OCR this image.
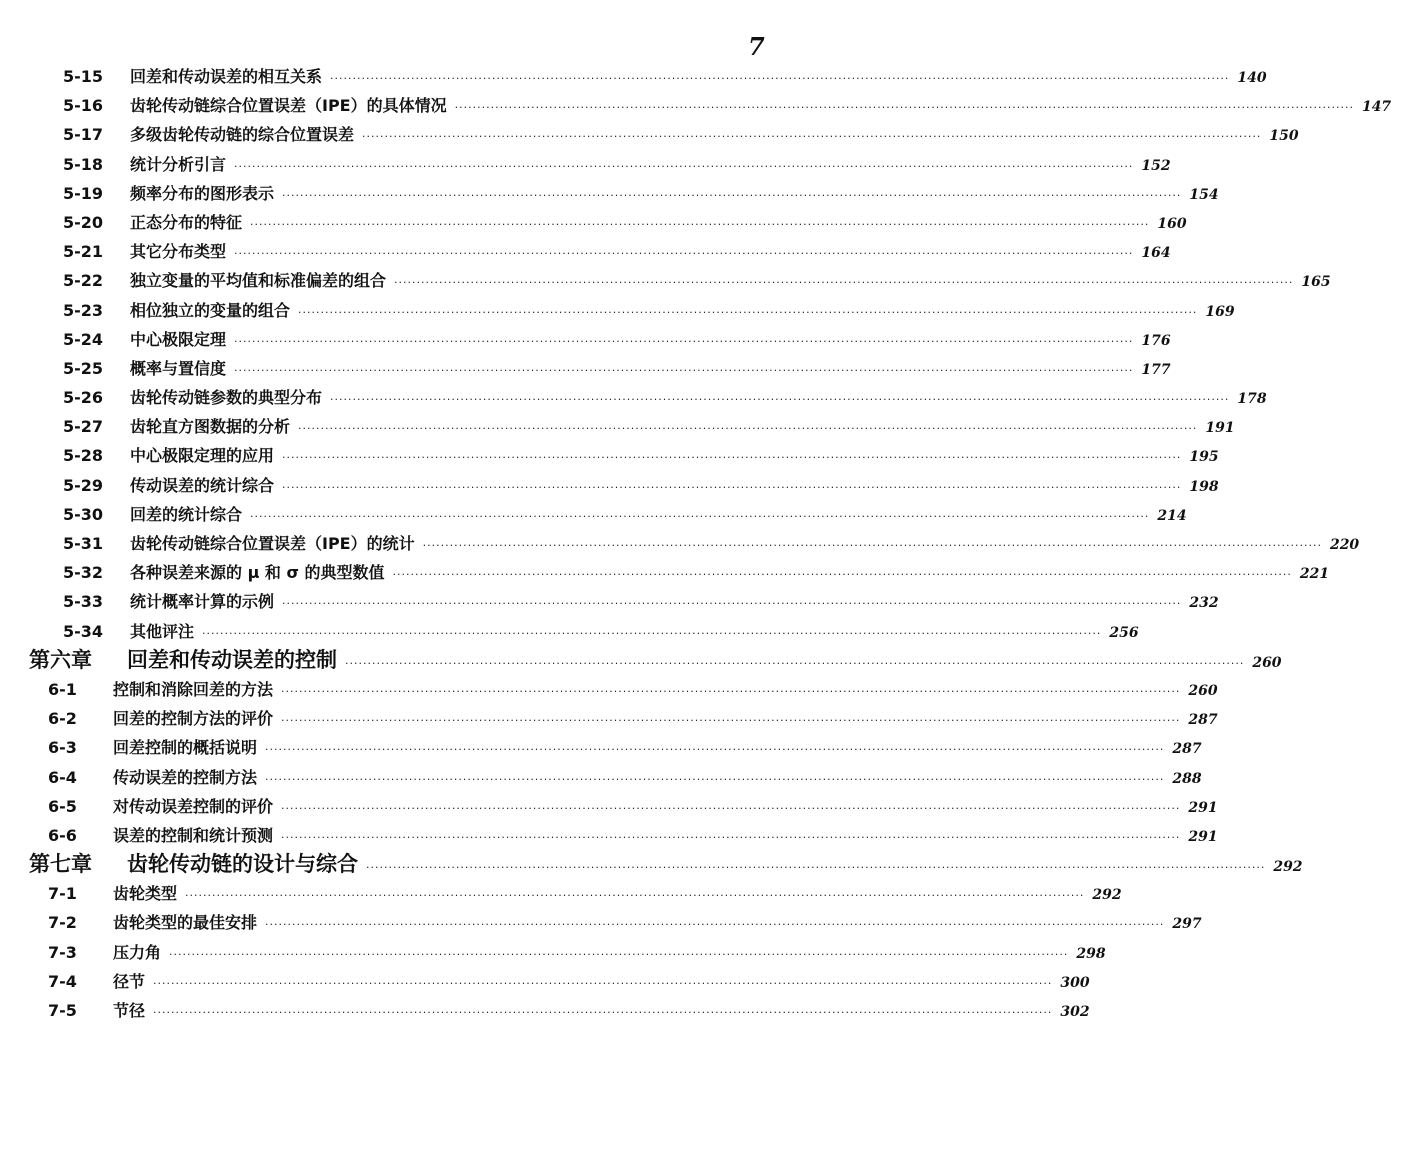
7
5-15	回差和传动误差的相互关系 ········································································································································································································ 140
5-16	齿轮传动链综合位置误差（IPE）的具体情况 ········································································································································································································ 147
5-17	多级齿轮传动链的综合位置误差 ········································································································································································································ 150
5-18	统计分析引言 ········································································································································································································ 152
5-19	频率分布的图形表示 ········································································································································································································ 154
5-20	正态分布的特征 ········································································································································································································ 160
5-21	其它分布类型 ········································································································································································································ 164
5-22	独立变量的平均值和标准偏差的组合 ········································································································································································································ 165
5-23	相位独立的变量的组合 ········································································································································································································ 169
5-24	中心极限定理 ········································································································································································································ 176
5-25	概率与置信度 ········································································································································································································ 177
5-26	齿轮传动链参数的典型分布 ········································································································································································································ 178
5-27	齿轮直方图数据的分析 ········································································································································································································ 191
5-28	中心极限定理的应用 ········································································································································································································ 195
5-29	传动误差的统计综合 ········································································································································································································ 198
5-30	回差的统计综合 ········································································································································································································ 214
5-31	齿轮传动链综合位置误差（IPE）的统计 ········································································································································································································ 220
5-32	各种误差来源的 μ 和 σ 的典型数值 ········································································································································································································ 221
5-33	统计概率计算的示例 ········································································································································································································ 232
5-34	其他评注 ········································································································································································································ 256
第六章	回差和传动误差的控制 ········································································································································································································ 260
6-1	控制和消除回差的方法 ········································································································································································································ 260
6-2	回差的控制方法的评价 ········································································································································································································ 287
6-3	回差控制的概括说明 ········································································································································································································ 287
6-4	传动误差的控制方法 ········································································································································································································ 288
6-5	对传动误差控制的评价 ········································································································································································································ 291
6-6	误差的控制和统计预测 ········································································································································································································ 291
第七章	齿轮传动链的设计与综合 ········································································································································································································ 292
7-1	齿轮类型 ········································································································································································································ 292
7-2	齿轮类型的最佳安排 ········································································································································································································ 297
7-3	压力角 ········································································································································································································ 298
7-4	径节 ········································································································································································································ 300
7-5	节径 ········································································································································································································ 302
